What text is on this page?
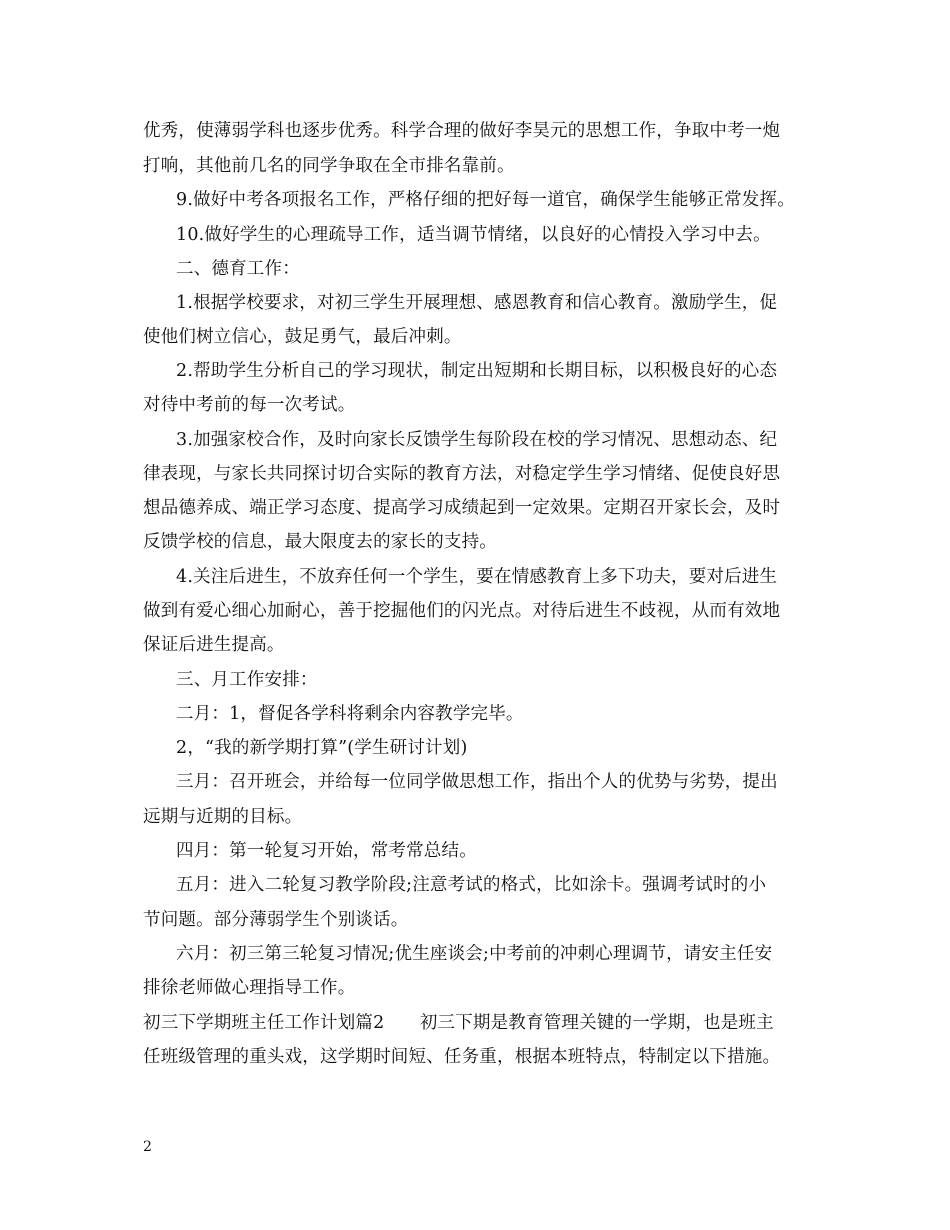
优秀，使薄弱学科也逐步优秀。科学合理的做好李昊元的思想工作，争取中考一炮
打响，其他前几名的同学争取在全市排名靠前。
9.做好中考各项报名工作，严格仔细的把好每一道官，确保学生能够正常发挥。
10.做好学生的心理疏导工作，适当调节情绪，以良好的心情投入学习中去。
二、德育工作：
1.根据学校要求，对初三学生开展理想、感恩教育和信心教育。激励学生，促
使他们树立信心，鼓足勇气，最后冲刺。
2.帮助学生分析自己的学习现状，制定出短期和长期目标，以积极良好的心态
对待中考前的每一次考试。
3.加强家校合作，及时向家长反馈学生每阶段在校的学习情况、思想动态、纪
律表现，与家长共同探讨切合实际的教育方法，对稳定学生学习情绪、促使良好思
想品德养成、端正学习态度、提高学习成绩起到一定效果。定期召开家长会，及时
反馈学校的信息，最大限度去的家长的支持。
4.关注后进生，不放弃任何一个学生，要在情感教育上多下功夫，要对后进生
做到有爱心细心加耐心，善于挖掘他们的闪光点。对待后进生不歧视，从而有效地
保证后进生提高。
三、月工作安排：
二月：1，督促各学科将剩余内容教学完毕。
2，“我的新学期打算”(学生研讨计划)
三月：召开班会，并给每一位同学做思想工作，指出个人的优势与劣势，提出
远期与近期的目标。
四月：第一轮复习开始，常考常总结。
五月：进入二轮复习教学阶段;注意考试的格式，比如涂卡。强调考试时的小
节问题。部分薄弱学生个别谈话。
六月：初三第三轮复习情况;优生座谈会;中考前的冲刺心理调节，请安主任安
排徐老师做心理指导工作。
初三下学期班主任工作计划篇2　　初三下期是教育管理关键的一学期，也是班主
任班级管理的重头戏，这学期时间短、任务重，根据本班特点，特制定以下措施。
2
